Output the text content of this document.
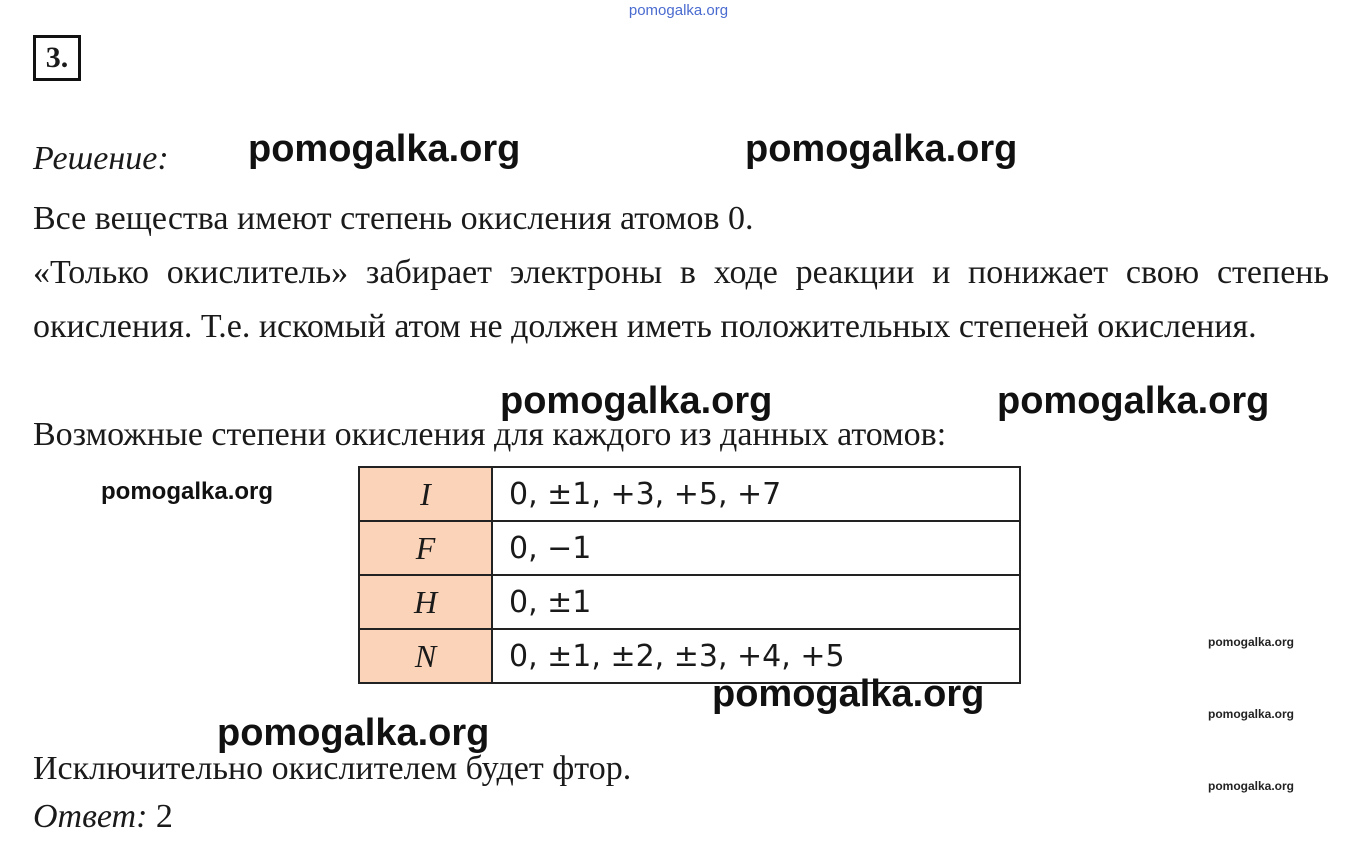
pomogalka.org
3.
Решение:
Все вещества имеют степень окисления атомов 0.
«Только окислитель» забирает электроны в ходе реакции и понижает свою степень окисления. Т.е. искомый атом не должен иметь положительных степеней окисления.
Возможные степени окисления для каждого из данных атомов:
I	0, ±1, +3, +5, +7
F	0, −1
H	0, ±1
N	0, ±1, ±2, ±3, +4, +5
Исключительно окислителем будет фтор.
Ответ: 2
pomogalka.org	pomogalka.org
pomogalka.org	pomogalka.org
pomogalka.org
pomogalka.org
pomogalka.org
pomogalka.org
pomogalka.org
pomogalka.org
